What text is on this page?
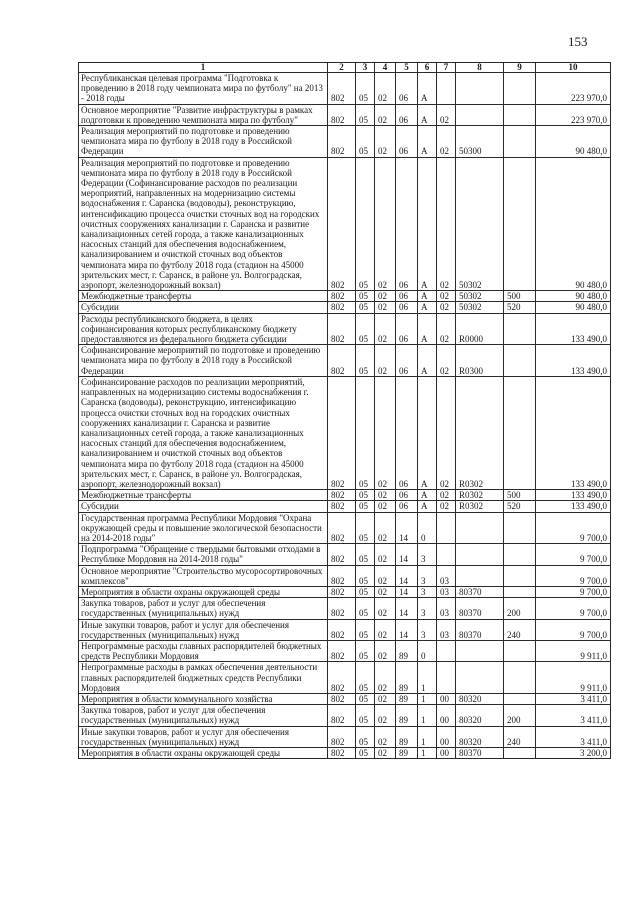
153
1	2	3	4	5	6	7	8	9	10
Республиканская целевая программа "Подготовка к проведению в 2018 году чемпионата мира по футболу" на 2013 - 2018 годы	802	05	02	06	А				223 970,0
Основное мероприятие "Развитие инфраструктуры в рамках подготовки к проведению чемпионата мира по футболу"	802	05	02	06	А	02			223 970,0
Реализация мероприятий по подготовке и проведению чемпионата мира по футболу в 2018 году в Российской Федерации	802	05	02	06	А	02	50300		90 480,0
Реализация мероприятий по подготовке и проведению чемпионата мира по футболу в 2018 году в Российской Федерации (Софинансирование расходов по реализации мероприятий, направленных на модернизацию системы водоснабжения г. Саранска (водоводы), реконструкцию, интенсификацию процесса очистки сточных вод на городских очистных сооружениях канализации г. Саранска и развитие канализационных сетей города, а также канализационных насосных станций для обеспечения водоснабжением, канализированием и очисткой сточных вод объектов чемпионата мира по футболу 2018 года (стадион на 45000 зрительских мест, г. Саранск, в районе ул. Волгоградская, аэропорт, железнодорожный вокзал)	802	05	02	06	А	02	50302		90 480,0
Межбюджетные трансферты	802	05	02	06	А	02	50302	500	90 480,0
Субсидии	802	05	02	06	А	02	50302	520	90 480,0
Расходы республиканского бюджета, в целях софинансирования которых республиканскому бюджету предоставляются из федерального бюджета субсидии	802	05	02	06	А	02	R0000		133 490,0
Софинансирование мероприятий по подготовке и проведению чемпионата мира по футболу в 2018 году в Российской Федерации	802	05	02	06	А	02	R0300		133 490,0
Софинансирование расходов по реализации мероприятий, направленных на модернизацию системы водоснабжения г. Саранска (водоводы), реконструкцию, интенсификацию процесса очистки сточных вод на городских очистных сооружениях канализации г. Саранска и развитие канализационных сетей города, а также канализационных насосных станций для обеспечения водоснабжением, канализированием и очисткой сточных вод объектов чемпионата мира по футболу 2018 года (стадион на 45000 зрительских мест, г. Саранск, в районе ул. Волгоградская, аэропорт, железнодорожный вокзал)	802	05	02	06	А	02	R0302		133 490,0
Межбюджетные трансферты	802	05	02	06	А	02	R0302	500	133 490,0
Субсидии	802	05	02	06	А	02	R0302	520	133 490,0
Государственная программа Республики Мордовия "Охрана окружающей среды и повышение экологической безопасности на 2014-2018 годы"	802	05	02	14	0				9 700,0
Подпрограмма "Обращение с твердыми бытовыми отходами в Республике Мордовия на 2014-2018 годы"	802	05	02	14	3				9 700,0
Основное мероприятие "Строительство мусоросортировочных комплексов"	802	05	02	14	3	03			9 700,0
Мероприятия в области охраны окружающей среды	802	05	02	14	3	03	80370		9 700,0
Закупка товаров, работ и услуг для обеспечения государственных (муниципальных) нужд	802	05	02	14	3	03	80370	200	9 700,0
Иные закупки товаров, работ и услуг для обеспечения государственных (муниципальных) нужд	802	05	02	14	3	03	80370	240	9 700,0
Непрограммные расходы главных распорядителей бюджетных средств Республики Мордовия	802	05	02	89	0				9 911,0
Непрограммные расходы в рамках обеспечения деятельности главных распорядителей бюджетных средств Республики Мордовия	802	05	02	89	1				9 911,0
Мероприятия в области коммунального хозяйства	802	05	02	89	1	00	80320		3 411,0
Закупка товаров, работ и услуг для обеспечения государственных (муниципальных) нужд	802	05	02	89	1	00	80320	200	3 411,0
Иные закупки товаров, работ и услуг для обеспечения государственных (муниципальных) нужд	802	05	02	89	1	00	80320	240	3 411,0
Мероприятия в области охраны окружающей среды	802	05	02	89	1	00	80370		3 200,0
